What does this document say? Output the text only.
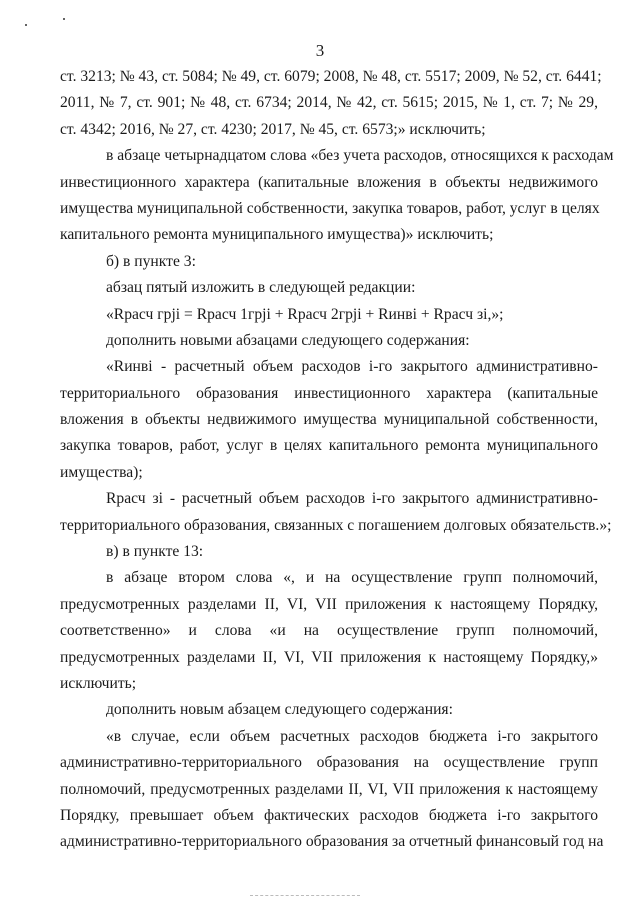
3
ст. 3213; № 43, ст. 5084; № 49, ст. 6079; 2008, № 48, ст. 5517; 2009, № 52, ст. 6441;
2011, № 7, ст. 901; № 48, ст. 6734; 2014, № 42, ст. 5615; 2015, № 1, ст. 7; № 29,
ст. 4342; 2016, № 27, ст. 4230; 2017, № 45, ст. 6573;» исключить;
в абзаце четырнадцатом слова «без учета расходов, относящихся к расходам
инвестиционного характера (капитальные вложения в объекты недвижимого
имущества муниципальной собственности, закупка товаров, работ, услуг в целях
капитального ремонта муниципального имущества)» исключить;
б) в пункте 3:
абзац пятый изложить в следующей редакции:
«Rрасч грji = Rрасч 1грji + Rрасч 2грji + Rинвi + Rрасч зi,»;
дополнить новыми абзацами следующего содержания:
«Rинвi - расчетный объем расходов i-го закрытого административно-
территориального образования инвестиционного характера (капитальные
вложения в объекты недвижимого имущества муниципальной собственности,
закупка товаров, работ, услуг в целях капитального ремонта муниципального
имущества);
Rрасч зi - расчетный объем расходов i-го закрытого административно-
территориального образования, связанных с погашением долговых обязательств.»;
в) в пункте 13:
в абзаце втором слова «, и на осуществление групп полномочий,
предусмотренных разделами II, VI, VII приложения к настоящему Порядку,
соответственно» и слова «и на осуществление групп полномочий,
предусмотренных разделами II, VI, VII приложения к настоящему Порядку,»
исключить;
дополнить новым абзацем следующего содержания:
«в случае, если объем расчетных расходов бюджета i-го закрытого
административно-территориального образования на осуществление групп
полномочий, предусмотренных разделами II, VI, VII приложения к настоящему
Порядку, превышает объем фактических расходов бюджета i-го закрытого
административно-территориального образования за отчетный финансовый год на
